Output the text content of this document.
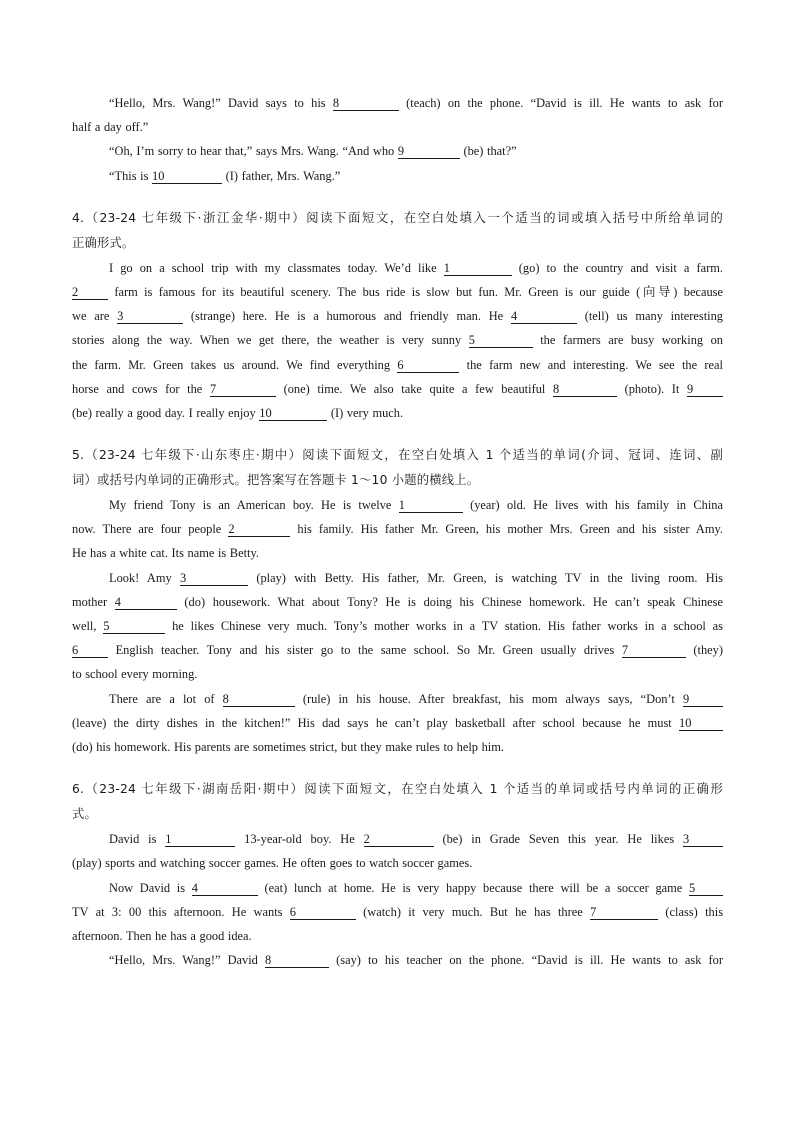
“Hello, Mrs. Wang!” David says to his 8	(teach) on the phone. “David is ill. He wants to ask for
half a day off.”
“Oh, I’m sorry to hear that,” says Mrs. Wang. “And who 9	(be) that?”
“This is 10	(I) father, Mrs. Wang.”
4.（23-24 七年级下·浙江金华·期中）阅读下面短文，在空白处填入一个适当的词或填入括号中所给单词的
正确形式。
I go on a school trip with my classmates today. We’d like 1	(go) to the country and visit a farm.
2 farm is famous for its beautiful scenery. The bus ride is slow but fun. Mr. Green is our guide (向导) because
we are 3	(strange) here. He is a humorous and friendly man. He 4	(tell) us many interesting
stories along the way. When we get there, the weather is very sunny 5	the farmers are busy working on
the farm. Mr. Green takes us around. We find everything 6	the farm new and interesting. We see the real
horse and cows for the 7	(one) time. We also take quite a few beautiful 8	(photo). It 9
(be) really a good day. I really enjoy 10	(I) very much.
5.（23-24 七年级下·山东枣庄·期中）阅读下面短文，在空白处填入 1 个适当的单词(介词、冠词、连词、副
词）或括号内单词的正确形式。把答案写在答题卡 1～10 小题的横线上。
My friend Tony is an American boy. He is twelve 1	(year) old. He lives with his family in China
now. There are four people 2	his family. His father Mr. Green, his mother Mrs. Green and his sister Amy.
He has a white cat. Its name is Betty.
Look! Amy 3	(play) with Betty. His father, Mr. Green, is watching TV in the living room. His
mother 4	(do) housework. What about Tony? He is doing his Chinese homework. He can’t speak Chinese
well, 5	he likes Chinese very much. Tony’s mother works in a TV station. His father works in a school as
6 English teacher. Tony and his sister go to the same school. So Mr. Green usually drives 7	(they)
to school every morning.
There are a lot of 8	(rule) in his house. After breakfast, his mom always says, “Don’t 9
(leave) the dirty dishes in the kitchen!” His dad says he can’t play basketball after school because he must 10
(do) his homework. His parents are sometimes strict, but they make rules to help him.
6.（23-24 七年级下·湖南岳阳·期中）阅读下面短文，在空白处填入 1 个适当的单词或括号内单词的正确形
式。
David is 1	13-year-old boy. He 2	(be) in Grade Seven this year. He likes 3
(play) sports and watching soccer games. He often goes to watch soccer games.
Now David is 4	(eat) lunch at home. He is very happy because there will be a soccer game 5
TV at 3: 00 this afternoon. He wants 6	(watch) it very much. But he has three 7	(class) this
afternoon. Then he has a good idea.
“Hello, Mrs. Wang!” David 8	(say) to his teacher on the phone. “David is ill. He wants to ask for
